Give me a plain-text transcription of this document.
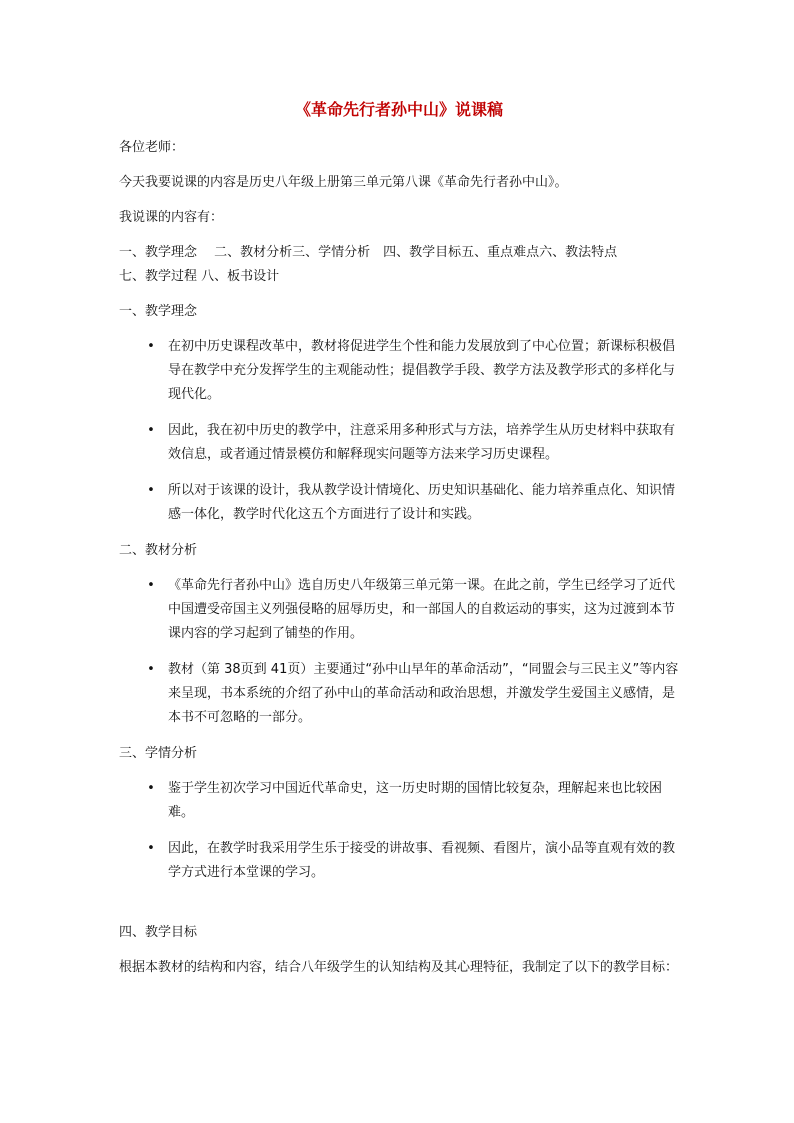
《革命先行者孙中山》说课稿
各位老师：
今天我要说课的内容是历史八年级上册第三单元第八课《革命先行者孙中山》。
我说课的内容有：
一、教学理念　 二、教材分析三、学情分析　四、教学目标五、重点难点六、教法特点
七、教学过程 八、板书设计
一、教学理念
• 在初中历史课程改革中，教材将促进学生个性和能力发展放到了中心位置；新课标积极倡导在教学中充分发挥学生的主观能动性；提倡教学手段、教学方法及教学形式的多样化与现代化。
• 因此，我在初中历史的教学中，注意采用多种形式与方法，培养学生从历史材料中获取有效信息，或者通过情景模仿和解释现实问题等方法来学习历史课程。
• 所以对于该课的设计，我从教学设计情境化、历史知识基础化、能力培养重点化、知识情感一体化，教学时代化这五个方面进行了设计和实践。
二、教材分析
• 《革命先行者孙中山》选自历史八年级第三单元第一课。在此之前，学生已经学习了近代中国遭受帝国主义列强侵略的屈辱历史，和一部国人的自救运动的事实，这为过渡到本节课内容的学习起到了铺垫的作用。
• 教材（第 38页到 41页）主要通过“孙中山早年的革命活动”，“同盟会与三民主义”等内容来呈现，书本系统的介绍了孙中山的革命活动和政治思想，并激发学生爱国主义感情，是本书不可忽略的一部分。
三、学情分析
• 鉴于学生初次学习中国近代革命史，这一历史时期的国情比较复杂，理解起来也比较困难。
• 因此，在教学时我采用学生乐于接受的讲故事、看视频、看图片，演小品等直观有效的教学方式进行本堂课的学习。
四、教学目标
根据本教材的结构和内容，结合八年级学生的认知结构及其心理特征，我制定了以下的教学目标：
